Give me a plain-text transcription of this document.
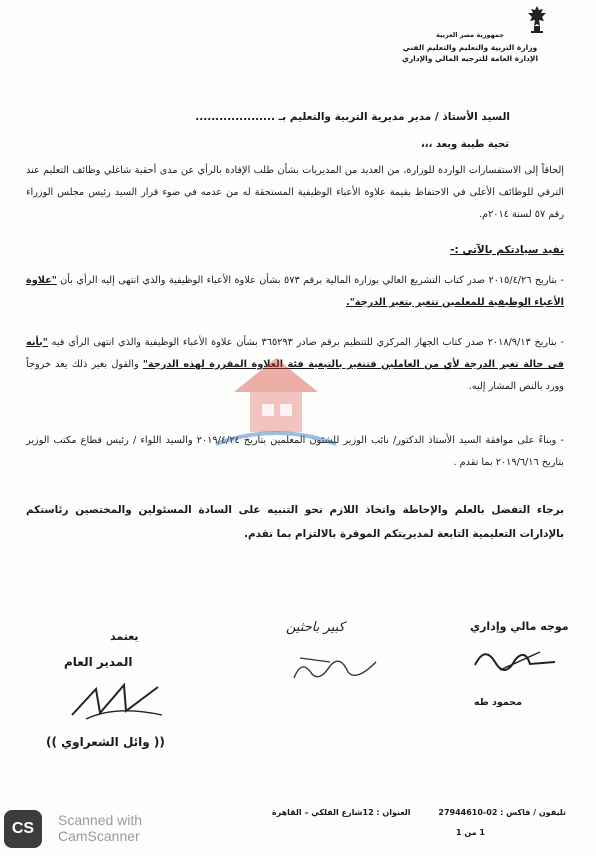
جمهورية مصر العربية
وزارة التربية والتعليم والتعليم الفني
الإدارة العامة للترجيه المالي والإداري
السيد الأستاذ / مدير مديرية التربية والتعليم بـ ....................
تحية طيبة وبعد ،،،
إلحاقاً إلى الاستفسارات الواردة للوزارة، من العديد من المديريات بشأن طلب الإفادة بالرأي عن مدى أحقية شاغلي وظائف التعليم عند الترقي للوظائف الأعلى في الاحتفاظ بقيمة علاوة الأعباء الوظيفية المستحقة له من عدمه في ضوء قرار السيد رئيس مجلس الوزراء رقم ٥٧ لسنة ٢٠١٤م.
نفيد سيادتكم بالآتي :-
- بتاريخ ٢٠١٥/٤/٢٦ صدر كتاب التشريع العالي بوزارة المالية برقم ٥٧٣ بشأن علاوة الأعباء الوظيفية والذي انتهى إليه الرأي بأن "علاوة الأعباء الوظيفية للمعلمين تتغير بتغير الدرجة".
- بتاريخ ٢٠١٨/٩/١٣ صدر كتاب الجهاز المركزي للتنظيم برقم صادر ٣٦٥٢٩٣ بشأن علاوة الأعباء الوظيفية والذي انتهى الرأي فيه "بأنه في حالة تغير الدرجة لأي من العاملين فتتغير بالتبعية فئة العلاوة المقررة لهذه الدرجة" والقول بغير ذلك يعد خروجاً وورد بالنص المشار إليه.
- وبناءً على موافقة السيد الأستاذ الدكتور/ نائب الوزير للشئون المعلمين بتاريخ ٢٠١٩/٤/٢٤ والسيد اللواء / رئيس قطاع مكتب الوزير بتاريخ ٢٠١٩/٦/١٦ بما تقدم .
برجاء التفضل بالعلم والإحاطة واتخاذ اللازم نحو التنبيه على السادة المسئولين والمختصين رئاستكم بالإدارات التعليمية التابعة لمديريتكم الموقرة بالالتزام بما تقدم.
موجه مالي وإداري
محمود طه
كبير باحثين
يعتمد
المدير العام
(( وائل الشعراوي ))
تليفون / فاكس : 02-27944610          العنوان : 12شارع الفلكي – القاهرة
1 من 1
CS	Scanned with
CamScanner
